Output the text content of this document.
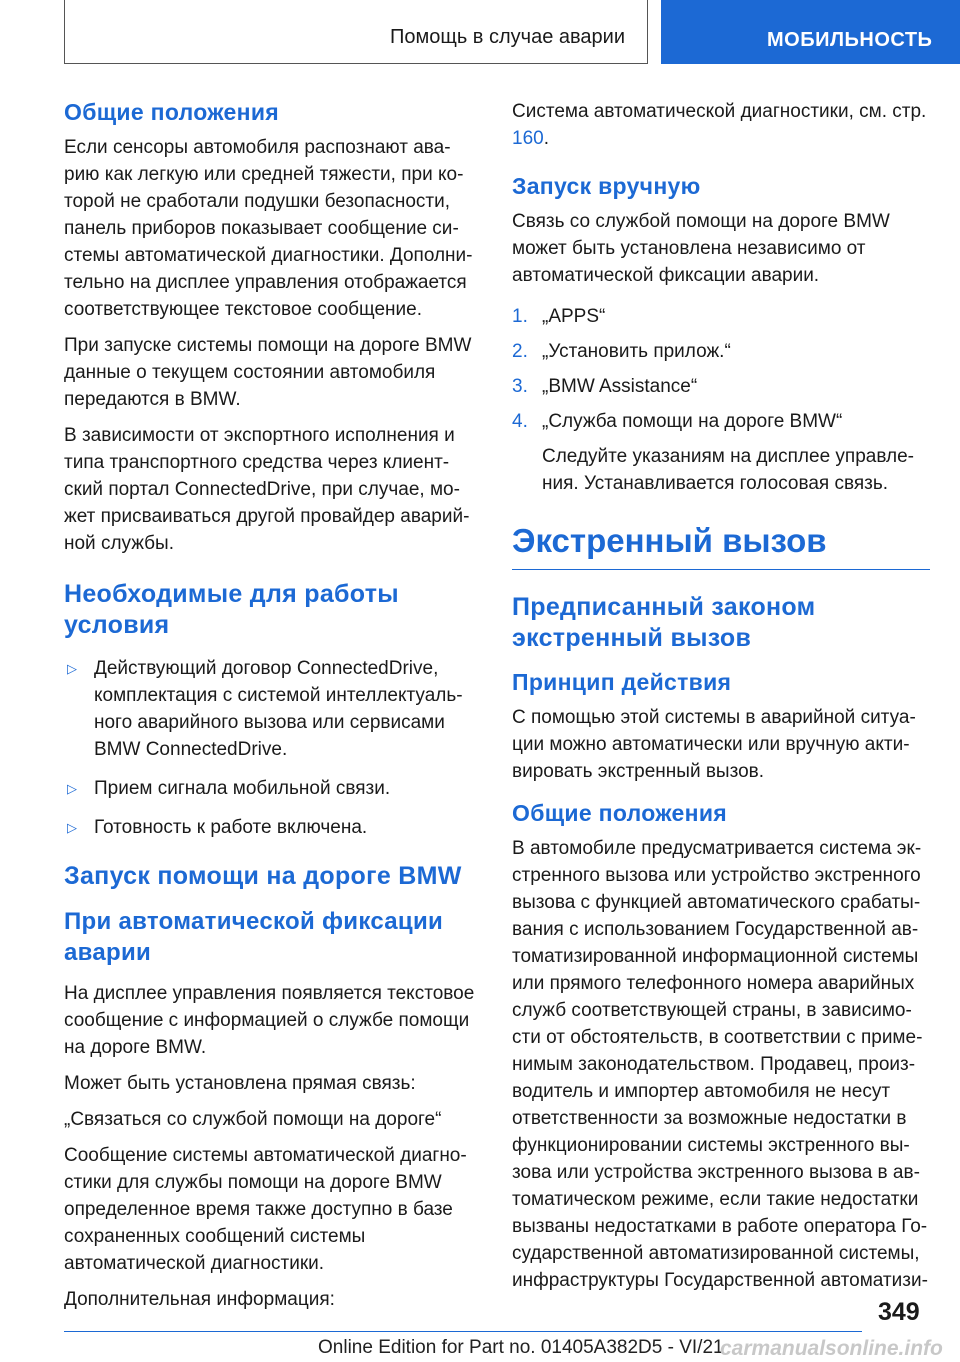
Помощь в случае аварии	МОБИЛЬНОСТЬ
Общие положения

Если сенсоры автомобиля распознают аварию как легкую или средней тяжести, при которой не сработали подушки безопасности, панель приборов показывает сообщение системы автоматической диагностики. Дополнительно на дисплее управления отображается соответствующее текстовое сообщение.

При запуске системы помощи на дороге BMW данные о текущем состоянии автомобиля передаются в BMW.

В зависимости от экспортного исполнения и типа транспортного средства через клиентский портал ConnectedDrive, при случае, может присваиваться другой провайдер аварийной службы.

Необходимые для работы условия
▷ Действующий договор ConnectedDrive, комплектация с системой интеллектуального аварийного вызова или сервисами BMW ConnectedDrive.
▷ Прием сигнала мобильной связи.
▷ Готовность к работе включена.
Запуск помощи на дороге BMW
При автоматической фиксации аварии

На дисплее управления появляется текстовое сообщение с информацией о службе помощи на дороге BMW.

Может быть установлена прямая связь:

„Связаться со службой помощи на дороге“

Сообщение системы автоматической диагностики для службы помощи на дороге BMW определенное время также доступно в базе сохраненных сообщений системы автоматической диагностики.

Дополнительная информация:

Система автоматической диагностики, см. стр. 160.

Запуск вручную

Связь со службой помощи на дороге BMW может быть установлена независимо от автоматической фиксации аварии.

1. „APPS“
2. „Установить прилож.“
3. „BMW Assistance“
4. „Служба помощи на дороге BMW“
Следуйте указаниям на дисплее управления. Устанавливается голосовая связь.
Экстренный вызов
Предписанный законом экстренный вызов
Принцип действия

С помощью этой системы в аварийной ситуации можно автоматически или вручную активировать экстренный вызов.

Общие положения

В автомобиле предусматривается система экстренного вызова или устройство экстренного вызова с функцией автоматического срабатывания с использованием Государственной автоматизированной информационной системы или прямого телефонного номера аварийных служб соответствующей страны, в зависимости от обстоятельств, в соответствии с применимым законодательством. Продавец, производитель и импортер автомобиля не несут ответственности за возможные недостатки в функционировании системы экстренного вызова или устройства экстренного вызова в автоматическом режиме, если такие недостатки вызваны недостатками в работе оператора Государственной автоматизированной системы, инфраструктуры Государственной автоматизи-

349
Online Edition for Part no. 01405A382D5 - VI/21
carmanualsonline.info
